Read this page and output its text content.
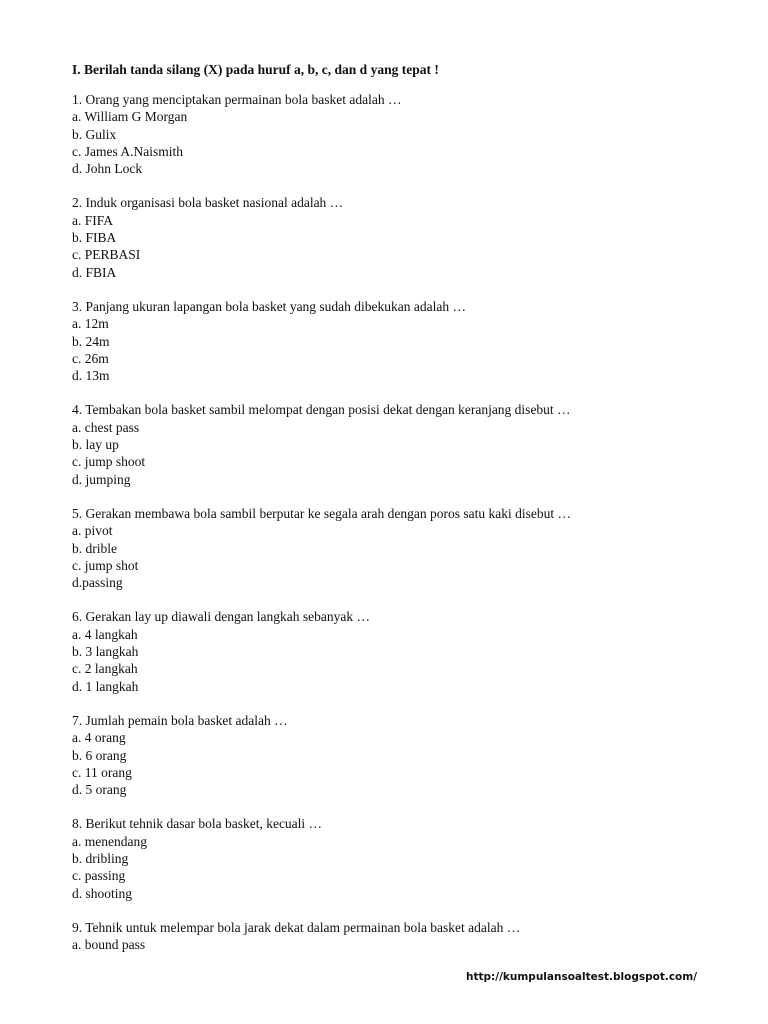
I. Berilah tanda silang (X) pada huruf a, b, c, dan d yang tepat !
1. Orang yang menciptakan permainan bola basket adalah …
a. William G Morgan
b. Gulix
c. James A.Naismith
d. John Lock
2. Induk organisasi bola basket nasional adalah …
a. FIFA
b. FIBA
c. PERBASI
d. FBIA
3. Panjang ukuran lapangan bola basket yang sudah dibekukan adalah …
a. 12m
b. 24m
c. 26m
d. 13m
4. Tembakan bola basket sambil melompat dengan posisi dekat dengan keranjang disebut …
a. chest pass
b. lay up
c. jump shoot
d. jumping
5. Gerakan membawa bola sambil berputar ke segala arah dengan poros satu kaki disebut …
a. pivot
b. drible
c. jump shot
d.passing
6. Gerakan lay up diawali dengan langkah sebanyak …
a. 4 langkah
b. 3 langkah
c. 2 langkah
d. 1 langkah
7. Jumlah pemain bola basket adalah …
a. 4 orang
b. 6 orang
c. 11 orang
d. 5 orang
8. Berikut tehnik dasar bola basket, kecuali …
a. menendang
b. dribling
c. passing
d. shooting
9. Tehnik untuk melempar bola jarak dekat dalam permainan bola basket adalah …
a. bound pass
http://kumpulansoaltest.blogspot.com/
